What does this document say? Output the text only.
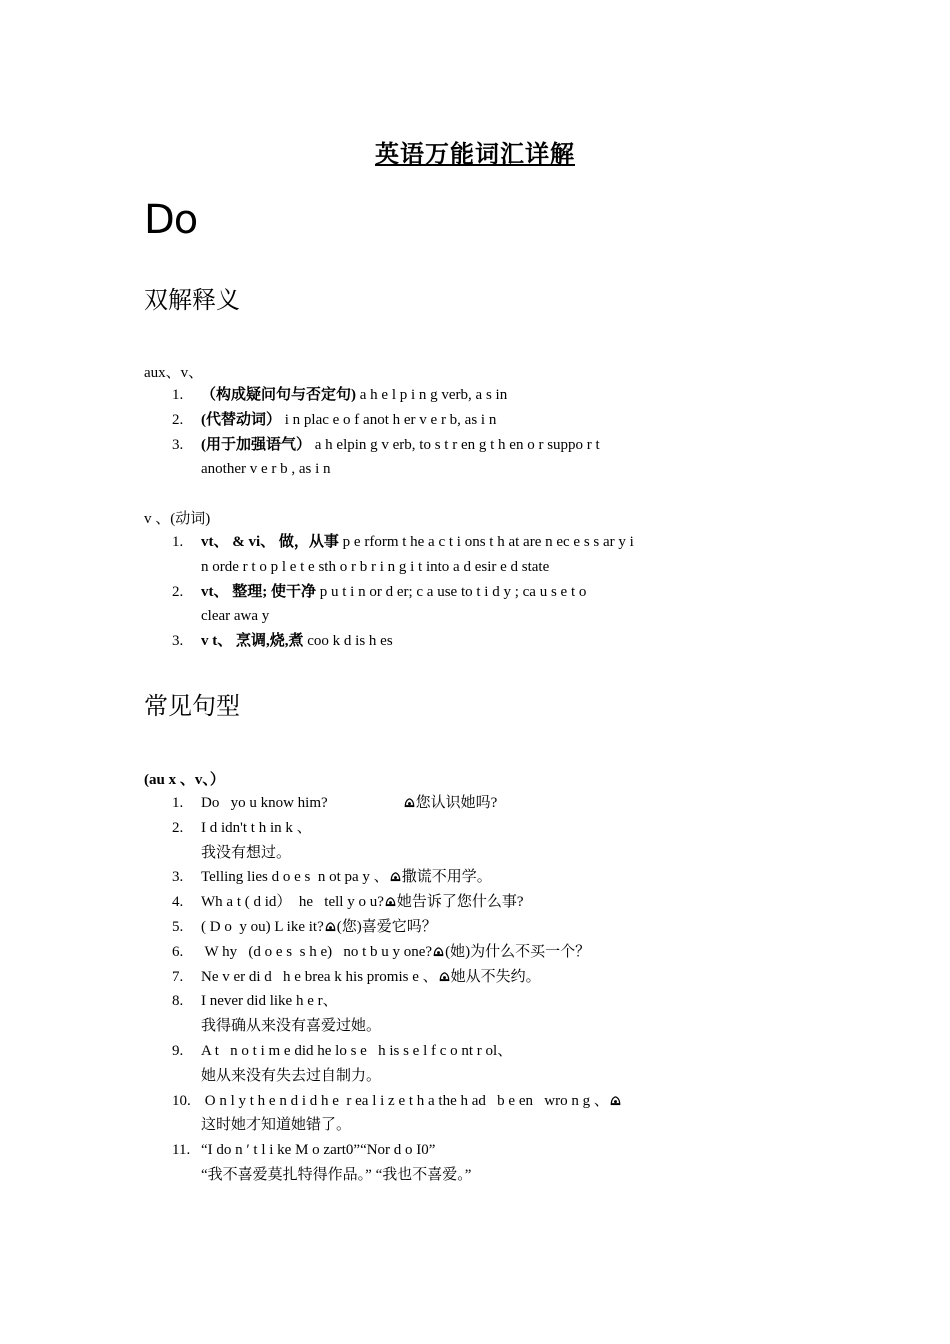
英语万能词汇详解
Do
双解释义
aux、v、
1. （构成疑问句与否定句) a h e l p i n g verb, a s in
2. (代替动词） i n plac e o f anot h er v e r b, as i n
3. (用于加强语气） a h elpin g v erb, to s t r en g t h en o r suppo r t
another v e r b , as i n
v 、(动词)
1. vt、 & vi、 做，从事 p e rform t he a c t i ons t h at are n ec e s s ar y i
n orde r t o p l e t e sth o r b r i n g i t into a d esir e d state
2. vt、 整理; 使干净 p u t i n or d er; c a use to t i d y ; ca u s e t o
clear awa y
3. v t、 烹调,烧,煮 coo k d is h es
常见句型
(au x 、v、）
1. Do   yo u know him?                    您认识她吗?
2. I d idn't t h in k 、
我没有想过。
3. Telling lies d o e s  n ot pa y 、 撒谎不用学。
4. Wh a t ( d id）  he   tell y o u? 她告诉了您什么事?
5. ( D o  y ou) L ike it? (您)喜爱它吗？
6. W hy   (d o e s  s h e)   no t b u y one? (她)为什么不买一个？
7. Ne v er di d   h e brea k his promis e 、 她从不失约。
8. I never did like h e r、
我得确从来没有喜爱过她。
9. A t   n o t i m e did he lo s e   h is s e l f c o nt r ol、
她从来没有失去过自制力。
10. O n l y t h e n d i d h e  r ea l i z e t h a the h ad   b e en   wro n g 、
这时她才知道她错了。
11. “I do n ′ t l i ke M o zart0”“Nor d o I0”
“我不喜爱莫扎特得作品。” “我也不喜爱。”
